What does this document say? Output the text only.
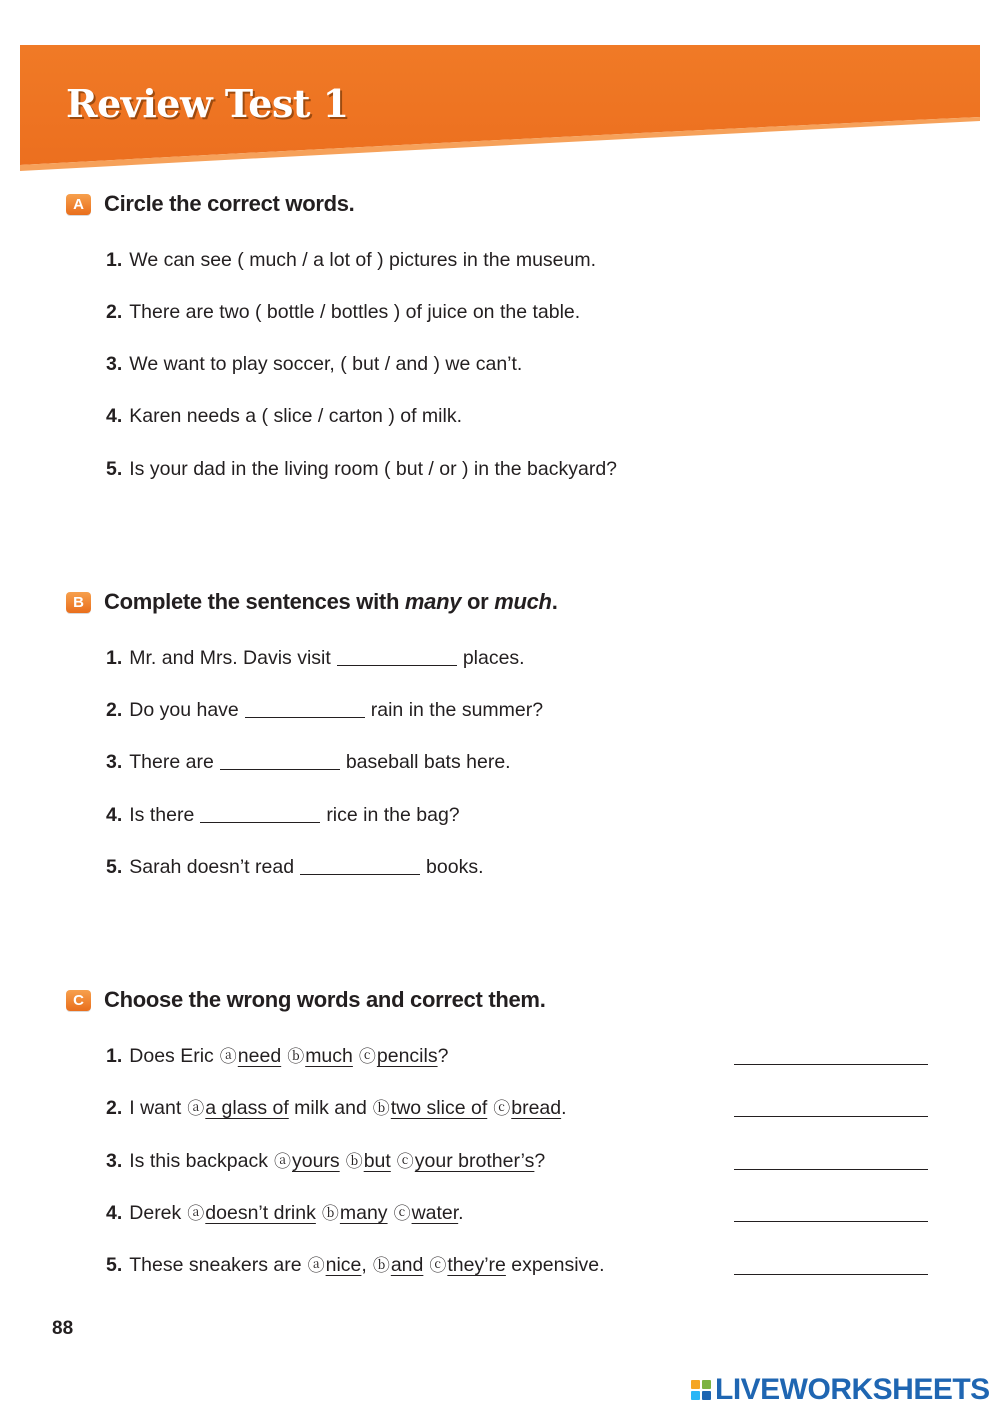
Review Test 1
A Circle the correct words.
1. We can see ( much / a lot of ) pictures in the museum.
2. There are two ( bottle / bottles ) of juice on the table.
3. We want to play soccer, ( but / and ) we can’t.
4. Karen needs a ( slice / carton ) of milk.
5. Is your dad in the living room ( but / or ) in the backyard?
B Complete the sentences with many or much.
1. Mr. and Mrs. Davis visit	places.
2. Do you have	rain in the summer?
3. There are	baseball bats here.
4. Is there	rice in the bag?
5. Sarah doesn’t read	books.
C Choose the wrong words and correct them.
1. Does Eric ⓐneed ⓑmuch ⓒpencils?
2. I want ⓐa glass of milk and ⓑtwo slice of ⓒbread.
3. Is this backpack ⓐyours ⓑbut ⓒyour brother’s?
4. Derek ⓐdoesn’t drink ⓑmany ⓒwater.
5. These sneakers are ⓐnice, ⓑand ⓒthey’re expensive.
88
LIVEWORKSHEETS
